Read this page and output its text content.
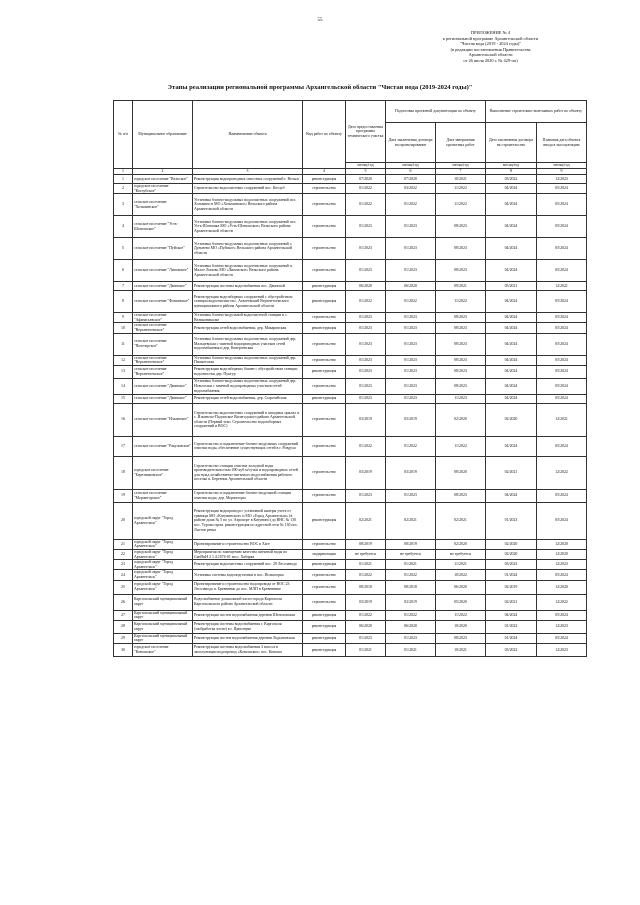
55
ПРИЛОЖЕНИЕ № 4
к региональной программе Архангельской области
"Чистая вода (2019 - 2024 годы)"
(в редакции постановления Правительства
Архангельской области
от 26 июля 2020 г. № 429-пп)
Этапы реализации региональной программы Архангельской области "Чистая вода (2019-2024 годы)"
№ п/п	Муниципальное образование	Наименование объекта	Вид работ по объекту	Дата предоставления программы технического участка	Подготовка проектной документации по объекту		Выполнение строительно-монтажных работ по объекту	
					Дата заключения договора на проектирование	Дата завершения проектных работ	Дата заключения договора на строительство	Плановая дата объекта ввода в эксплуатацию
				месяц/год	месяц/год	месяц/год	месяц/год	месяц/год
1	2	3	4	5	6	7	8	9
1	городское поселение "Вельское"	Реконструкция водопроводных очистных сооружений г. Вельск	реконструкция	07/2020	07/2020	10/2021	03/2022	12/2023
2	городское поселение "Котлубское"	Строительство водоочистных сооружений пос. Котлуб	строительство	01/2022	03/2022	11/2022	04/2024	05/2024
3	сельское поселение "Хозьминское"	Установка блочно-модульных водоочистных сооружений пос. Хозьмино в МО «Хозьминское» Вельского района Архангельской области	строительство	01/2022	01/2022	11/2022	04/2024	05/2024
4	сельское поселение "Усть-Шоношское"	Установка блочно-модульных водоочистных сооружений пос. Усть-Шоношка МО «Усть-Шоношское» Вельского района Архангельской области	строительство	01/2023	01/2023	08/2023	04/2024	05/2024
5	сельское поселение "Пуйское"	Установка блочно-модульных водоочистных сооружений с. Дульнево МО «Пуйское» Вельского района Архангельской области	строительство	01/2023	01/2023	08/2023	04/2024	05/2024
6	сельское поселение "Липовское"	Установка блочно-модульных водоочистных сооружений п. Малое Липово МО «Липовское» Вельского района Архангельской области	строительство	01/2023	01/2023	08/2023	04/2024	05/2024
7	сельское поселение "Двинское"	Реконструкция системы водоснабжения пос. Двинской	реконструкция	06/2020	06/2020	09/2021	05/2021	12/2021
8	сельское поселение "Фоминское"	Реконструкция водозаборных сооружений с обустройством станции водоочистки пос. Агапеевский Верхнетоемского муниципального района Архангельской области	реконструкция	01/2022	01/2022	11/2022	04/2024	05/2024
9	сельское поселение "Афанасьевское"	Установка блочно-модульной водоочистной станции в с. Великониколье	строительство	01/2023	01/2023	08/2023	04/2024	05/2024
10	сельское поселение "Верхнетоемское"	Реконструкция сетей водоснабжения, дер. Макаровская	реконструкция	01/2023	01/2023	08/2023	04/2024	05/2024
11	сельское поселение "Почезерское"	Установка блочно-модульных водоочистных сооружений дер. Мальцевская с заменой водопроводных участков сетей водоснабжения и дер. Коверзевская	строительство	01/2023	01/2023	08/2023	04/2024	05/2024
12	сельское поселение "Верхнетоемское"	Установка блочно-модульных водоочистных сооружений дер. Пашкетская	строительство	01/2023	01/2023	08/2023	04/2024	05/2024
13	сельское поселение "Верхнетоемское"	Реконструкция водозаборных башен с обустройством станции водоочистки дер. Пуктур	реконструкция	01/2023	01/2023	08/2023	04/2024	05/2024
14	сельское поселение "Двинское"	Установка блочно-модульных водоочистных сооружений дер. Новоселки с заменой водопроводных участков сетей водоснабжения	строительство	01/2023	01/2023	08/2023	04/2024	05/2024
15	сельское поселение "Двинское"	Реконструкция сетей водоснабжения, дер. Сырочейская	реконструкция	01/2023	01/2023	11/2023	04/2024	05/2024
16	сельское поселение "Ильинское"	Строительство водоочистных сооружений в западных циклах п. с. Ильинско-Подомское Вилегодского района Архангельской области (Первый этап. Строительство водозаборных сооружений и ВОС)	строительство	03/2019	03/2019	02/2020	02/2020	12/2021
17	сельское поселение "Ракуловское"	Строительство и подключение блочно-модульных сооружений очистки воды, обеспечение существующих сетей в г. Ровдуха	строительство	01/2022	01/2022	11/2022	04/2024	05/2024
18	городское поселение "Березниковское"	Строительство станции очистки холодной воды производительностью 490 куб.м/сутки и водопроводных сетей для нужд хозяйственно-питьевого водоснабжения рабочего поселка п. Березник Архангельской области	строительство	03/2019	03/2019	08/2020	02/2021	12/2022
19	сельское поселение "Моржегорское"	Строительство и подключение блочно-модульной станции очистки воды, дер. Моржегоры	строительство	01/2023	01/2023	08/2023	04/2024	05/2024
20	городской округ "Город Архангельск"	Реконструкция водопровода с установкой камеры учета от границы МО «Катунинское» и МО «Город Архангельск» (в районе дома № 5 по ул. Аэропорт в Катунино) до ВНС № 130 пос. Турово пром. реконструкция по адресной сети № 130 пос. Листов речка	реконструкция	02/2021	02/2021	02/2021	01/2023	05/2024
21	городской округ "Город Архангельск"	Проектирование и строительство ВОС в Хаге	строительство	08/2019	08/2019	02/2020	02/2020	12/2020
22	городской округ "Город Архангельск"	Мероприятия по замещению качества питьевой воды по СанПиН 2.1.4.1074-01 на о. Хабарка	модернизация	не требуется	не требуется	не требуется	02/2020	12/2020
23	городской округ "Город Архангельск"	Реконструкция водоочистных сооружений пос. 29 Лесозавода	реконструкция	01/2021	01/2021	11/2021	03/2023	12/2023
24	городской округ "Город Архангельск"	Установка системы водоподготовки в пос. Исакогорка	строительство	01/2022	01/2022	10/2022	01/2024	05/2024
25	городской округ "Город Архангельск"	Проектирование и строительство водопровода от ВОС 23 Лесозавода п. Бревенник до пос. МЛП в Бревеннике	строительство	08/2018	08/2018	06/2020	02/2019	12/2020
26	Каргопольский муниципальный округ	Водоснабжение дошкольной части города Каргополя Каргопольского района Архангельской области	строительство	03/2019	03/2019	05/2020	02/2021	12/2022
27	Каргопольский муниципальный округ	Реконструкция систем водоснабжения деревни Шелоховская	реконструкция	01/2022	01/2022	11/2022	04/2024	05/2024
28	Каргопольский муниципальный округ	Реконструкция системы водоснабжения г. Каргополя (заобработка части) в г. Приозерье	реконструкция	06/2020	06/2020	10/2020	01/2022	12/2023
29	Каргопольский муниципальный округ	Реконструкция систем водоснабжения деревни Лодыгинская	реконструкция	01/2023	01/2023	08/2023	01/2024	05/2024
30	городское поселение "Коношское"	Реконструкция системы водоснабжения 3 насоса в эксплуатации водопровод «Коношское» пос. Коноша	реконструкция	01/2021	01/2021	10/2021	03/2022	12/2023
